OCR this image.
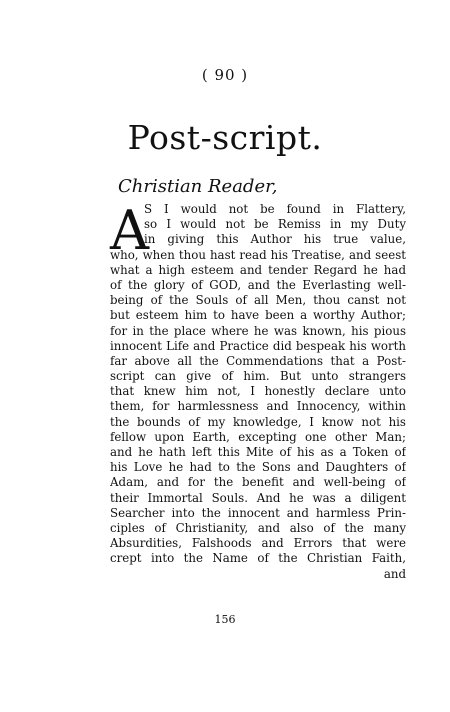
( 90 )
Post-script.
Christian Reader,
A
S I would not be found in Flattery,
so I would not be Remiss in my Duty
in giving this Author his true value,
who, when thou hast read his Treatise, and seest
what a high esteem and tender Regard he had
of the glory of GOD, and the Everlasting well-
being of the Souls of all Men, thou canst not
but esteem him to have been a worthy Author;
for in the place where he was known, his pious
innocent Life and Practice did bespeak his worth
far above all the Commendations that a Post-
script can give of him. But unto strangers
that knew him not, I honestly declare unto
them, for harmlessness and Innocency, within
the bounds of my knowledge, I know not his
fellow upon Earth, excepting one other Man;
and he hath left this Mite of his as a Token of
his Love he had to the Sons and Daughters of
Adam, and for the benefit and well-being of
their Immortal Souls. And he was a diligent
Searcher into the innocent and harmless Prin-
ciples of Christianity, and also of the many
Absurdities, Falshoods and Errors that were
crept into the Name of the Christian Faith,
and
156
